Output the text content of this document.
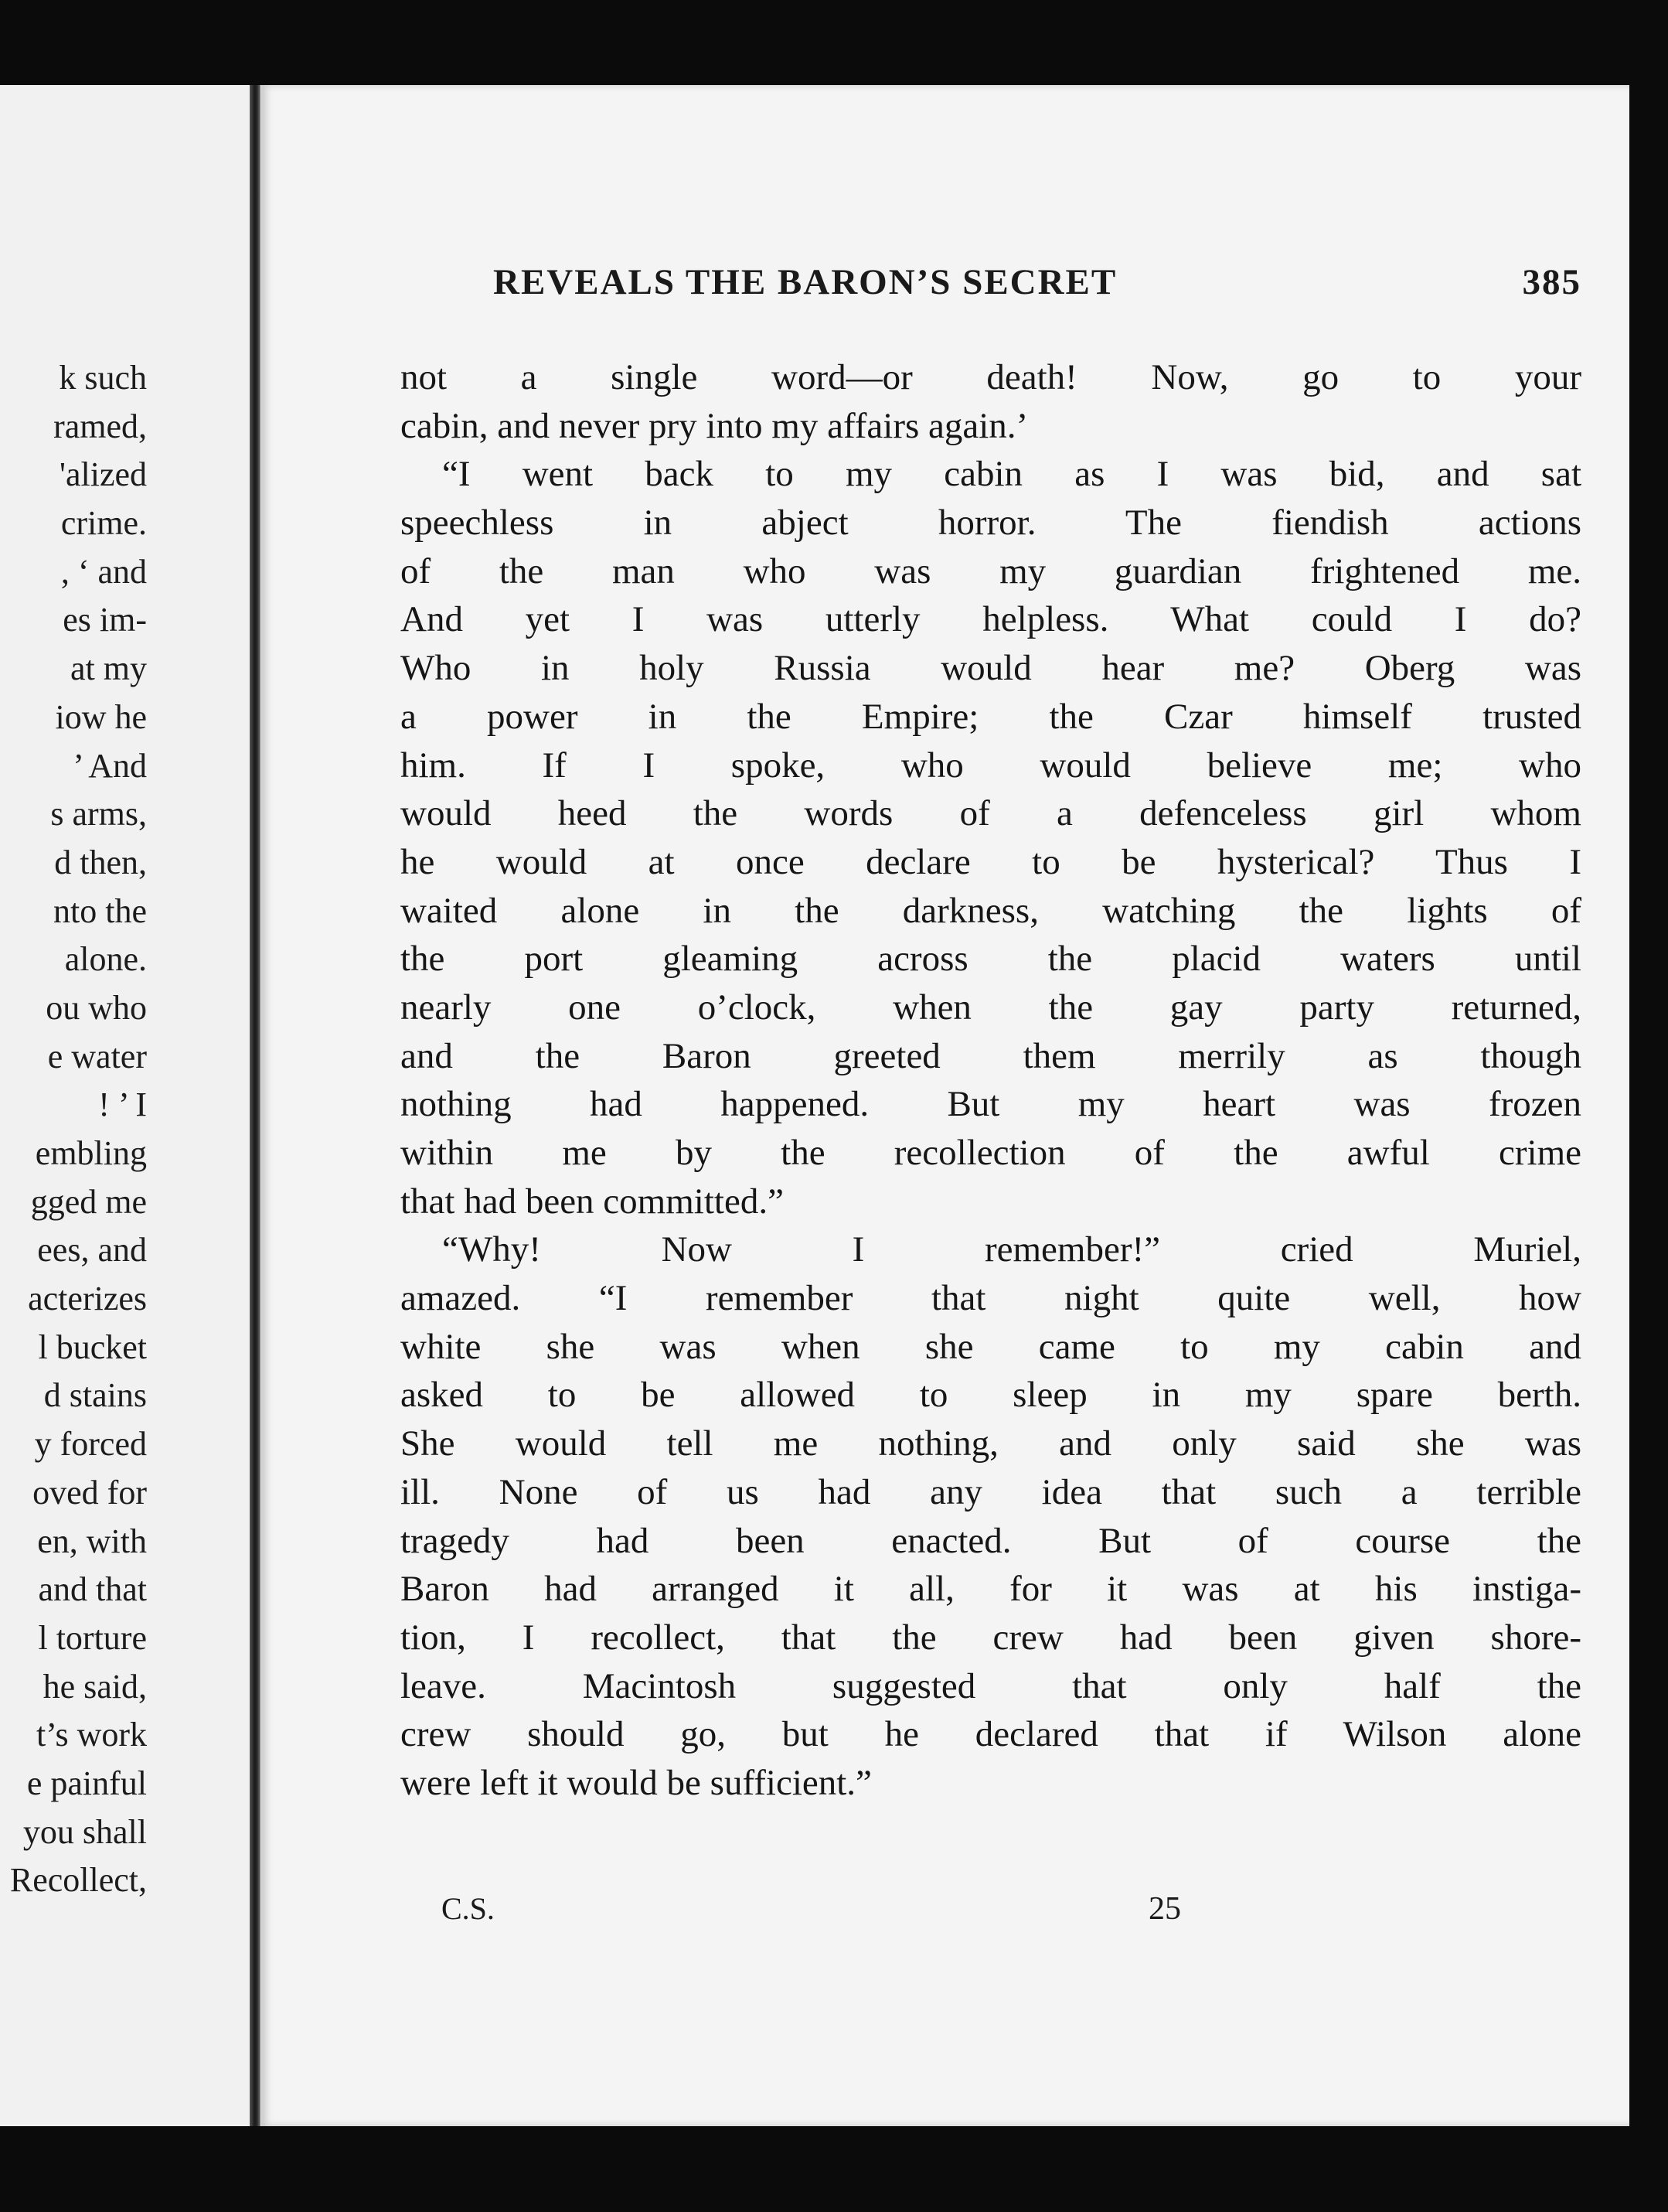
k such
ramed,
'alized
crime.
, ‘ and
es im-
at my
iow he
’ And
s arms,
d then,
nto the
alone.
ou who
e water
! ’ I
embling
gged me
ees, and
acterizes
l bucket
d stains
y forced
oved for
en, with
and that
l torture
he said,
t’s work
e painful
you shall
Recollect,
REVEALS THE BARON’S SECRET	385
not a single word—or death! Now, go to your
cabin, and never pry into my affairs again.’
“I went back to my cabin as I was bid, and sat
speechless in abject horror. The fiendish actions
of the man who was my guardian frightened me.
And yet I was utterly helpless. What could I do?
Who in holy Russia would hear me? Oberg was
a power in the Empire; the Czar himself trusted
him. If I spoke, who would believe me; who
would heed the words of a defenceless girl whom
he would at once declare to be hysterical? Thus I
waited alone in the darkness, watching the lights of
the port gleaming across the placid waters until
nearly one o’clock, when the gay party returned,
and the Baron greeted them merrily as though
nothing had happened. But my heart was frozen
within me by the recollection of the awful crime
that had been committed.”
“Why! Now I remember!” cried Muriel,
amazed. “I remember that night quite well, how
white she was when she came to my cabin and
asked to be allowed to sleep in my spare berth.
She would tell me nothing, and only said she was
ill. None of us had any idea that such a terrible
tragedy had been enacted. But of course the
Baron had arranged it all, for it was at his instiga-
tion, I recollect, that the crew had been given shore-
leave. Macintosh suggested that only half the
crew should go, but he declared that if Wilson alone
were left it would be sufficient.”
C.S.	25
